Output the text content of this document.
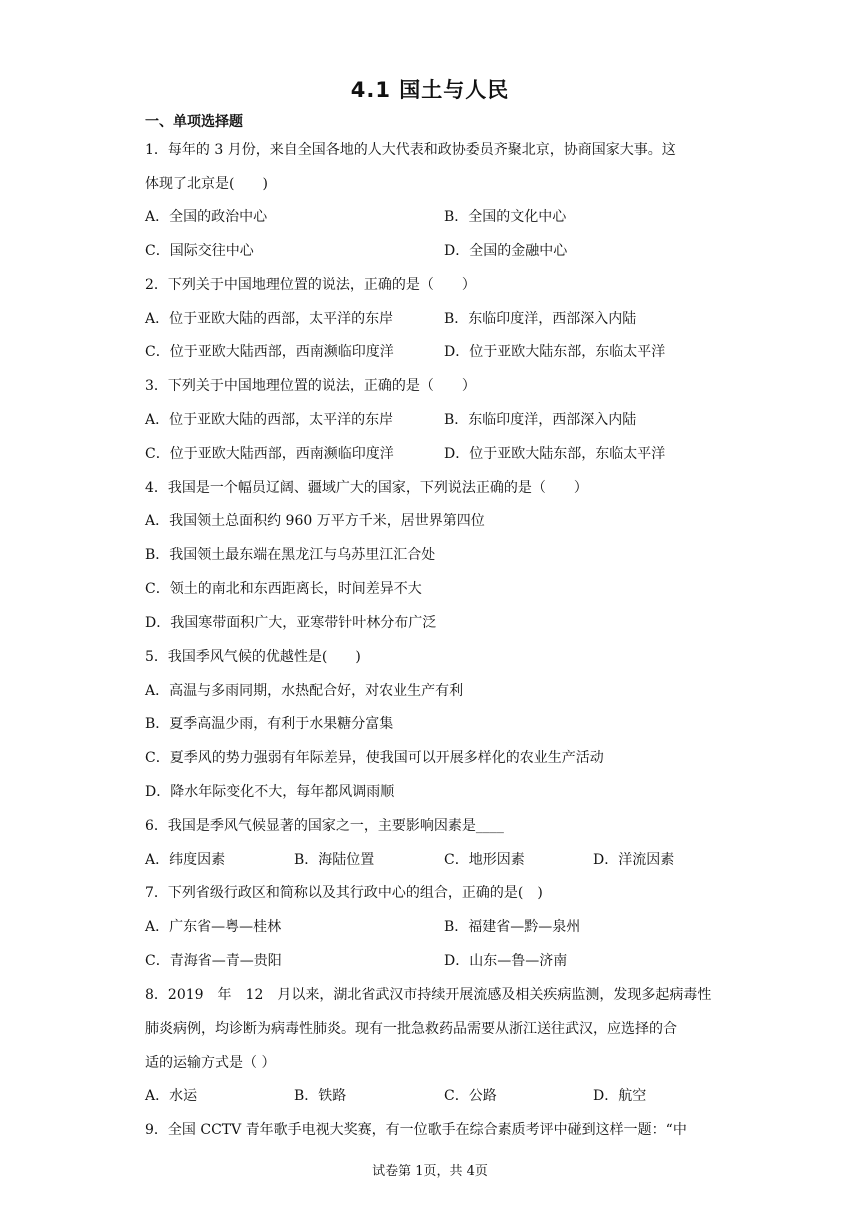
4.1 国土与人民
一、单项选择题
1．每年的 3 月份，来自全国各地的人大代表和政协委员齐聚北京，协商国家大事。这
体现了北京是(　　)
A．全国的政治中心	B．全国的文化中心
C．国际交往中心	D．全国的金融中心
2．下列关于中国地理位置的说法，正确的是（　　）
A．位于亚欧大陆的西部，太平洋的东岸	B．东临印度洋，西部深入内陆
C．位于亚欧大陆西部，西南濒临印度洋	D．位于亚欧大陆东部，东临太平洋
3．下列关于中国地理位置的说法，正确的是（　　）
A．位于亚欧大陆的西部，太平洋的东岸	B．东临印度洋，西部深入内陆
C．位于亚欧大陆西部，西南濒临印度洋	D．位于亚欧大陆东部，东临太平洋
4．我国是一个幅员辽阔、疆域广大的国家，下列说法正确的是（　　）
A．我国领土总面积约 960 万平方千米，居世界第四位
B．我国领土最东端在黑龙江与乌苏里江汇合处
C．领土的南北和东西距离长，时间差异不大
D．我国寒带面积广大，亚寒带针叶林分布广泛
5．我国季风气候的优越性是(　　)
A．高温与多雨同期，水热配合好，对农业生产有利
B．夏季高温少雨，有利于水果糖分富集
C．夏季风的势力强弱有年际差异，使我国可以开展多样化的农业生产活动
D．降水年际变化不大，每年都风调雨顺
6．我国是季风气候显著的国家之一，主要影响因素是____
A．纬度因素	B．海陆位置	C．地形因素	D．洋流因素
7．下列省级行政区和简称以及其行政中心的组合，正确的是(　)
A．广东省—粤—桂林	B．福建省—黔—泉州
C．青海省—青—贵阳	D．山东—鲁—济南
8．2019　年　12　月以来，湖北省武汉市持续开展流感及相关疾病监测，发现多起病毒性
肺炎病例，均诊断为病毒性肺炎。现有一批急救药品需要从浙江送往武汉，应选择的合
适的运输方式是（ ）
A．水运	B．铁路	C．公路	D．航空
9．全国 CCTV 青年歌手电视大奖赛，有一位歌手在综合素质考评中碰到这样一题：“中
试卷第 1页，共 4页
